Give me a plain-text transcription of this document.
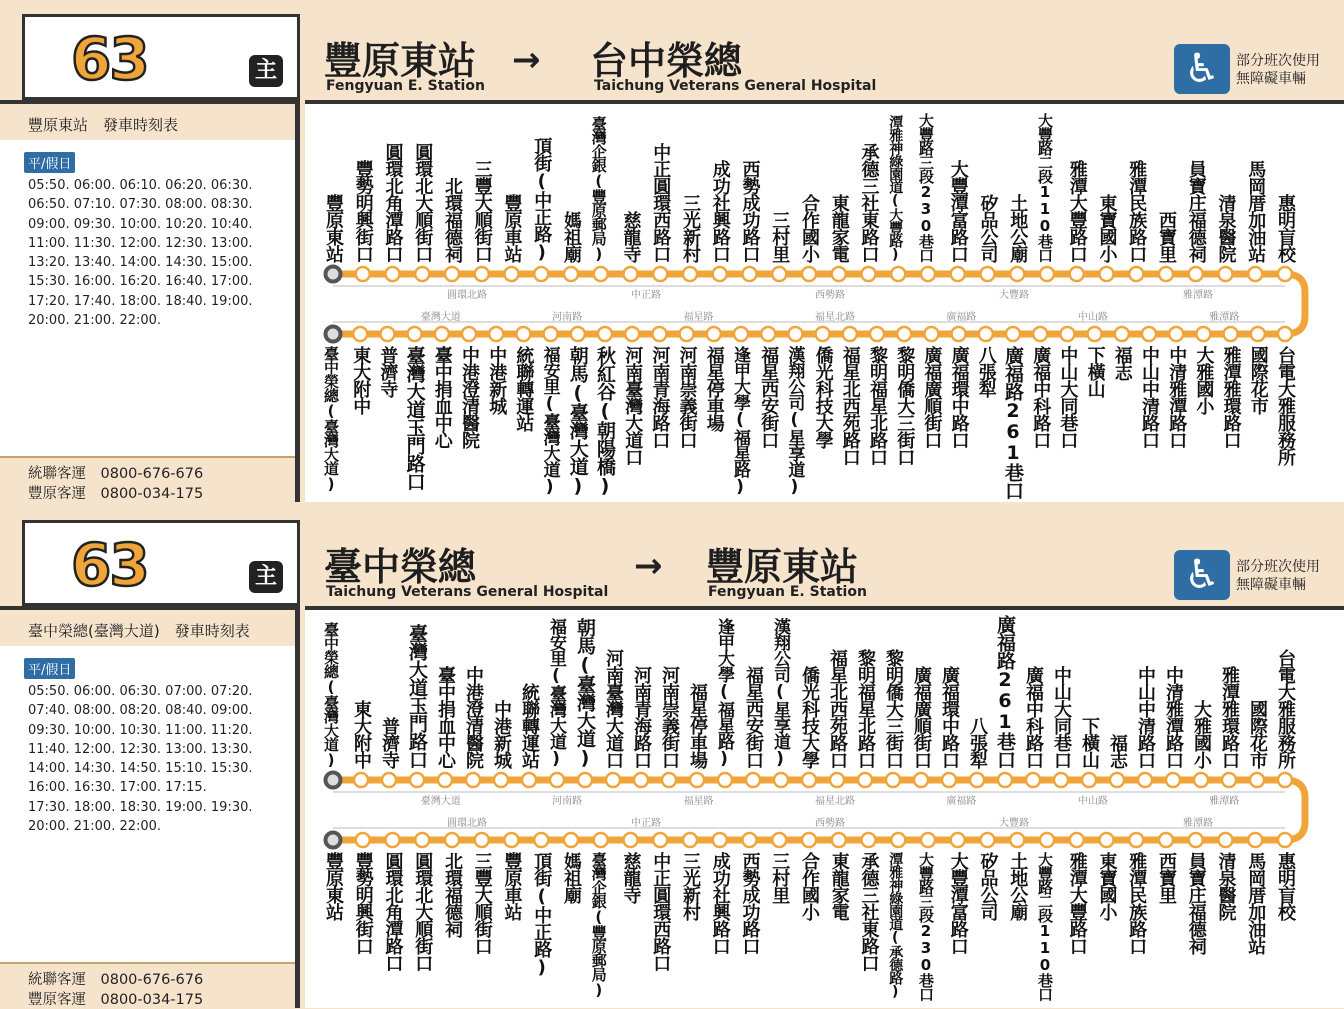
63	主 豐原東站
Fengyuan E. Station
→ 台中榮總
Taichung Veterans General Hospital	♿	部分班次使用
無障礙車輛
豐原東站　發車時刻表
平/假日
05:50. 06:00. 06:10. 06:20. 06:30.
06:50. 07:10. 07:30. 08:00. 08:30.
09:00. 09:30. 10:00. 10:20. 10:40.
11:00. 11:30. 12:00. 12:30. 13:00.
13:20. 13:40. 14:00. 14:30. 15:00.
15:30. 16:00. 16:20. 16:40. 17:00.
17:20. 17:40. 18:00. 18:40. 19:00.
20:00. 21:00. 22:00.
統聯客運　0800-676-676
豐原客運　0800-034-175
豐原東站 豐勢明興街口 圓環北角潭路口 圓環北大順街口 北環福德祠 三豐大順街口 豐原車站 頂街(中正路) 媽祖廟 臺灣企銀(豐原郵局) 慈龍寺 中正圓環西路口 三光新村 成功社興路口 西勢成功路口 三村里 合作國小 東龍家電 承德三社東路口 潭雅神綠園道(大豐路) 大豐路三段230巷口 大豐潭富路口 矽品公司 土地公廟 大豐路二段110巷口 雅潭大豐路口 東寶國小 雅潭民族路口 西寶里 員寶庄福德祠 清泉醫院 馬岡厝加油站 惠明盲校
臺中榮總(臺灣大道) 東大附中 普濟寺 臺灣大道玉門路口 臺中捐血中心 中港澄清醫院 中港新城 統聯轉運站 福安里(臺灣大道) 朝馬(臺灣大道) 秋紅谷(朝陽橋) 河南臺灣大道口 河南青海路口 河南崇義街口 福星停車場 逢甲大學(福星路) 福星西安街口 漢翔公司(星享道) 僑光科技大學 福星北西苑路口 黎明福星北路口 黎明僑大三街口 廣福廣順街口 廣福環中路口 八張犁 廣福路261巷口 廣福中科路口 中山大同巷口 下橫山 福志 中山中清路口 中清雅潭路口 大雅國小 雅潭雅環路口 國際花市 台電大雅服務所
圓環北路	中正路	西勢路	大豐路	雅潭路
臺灣大道	河南路	福星路	福星北路	廣福路	中山路	雅潭路
63	主 臺中榮總
Taichung Veterans General Hospital
→ 豐原東站
Fengyuan E. Station	♿	部分班次使用
無障礙車輛
臺中榮總(臺灣大道)　發車時刻表
平/假日
05:50. 06:00. 06:30. 07:00. 07:20.
07:40. 08:00. 08:20. 08:40. 09:00.
09:30. 10:00. 10:30. 11:00. 11:20.
11:40. 12:00. 12:30. 13:00. 13:30.
14:00. 14:30. 14:50. 15:10. 15:30.
16:00. 16:30. 17:00. 17:15.
17:30. 18:00. 18:30. 19:00. 19:30.
20:00. 21:00. 22:00.
統聯客運　0800-676-676
豐原客運　0800-034-175
臺中榮總(臺灣大道) 東大附中 普濟寺 臺灣大道玉門路口 臺中捐血中心 中港澄清醫院 中港新城 統聯轉運站 福安里(臺灣大道) 朝馬(臺灣大道) 河南臺灣大道口 河南青海路口 河南崇義街口 福星停車場 逢甲大學(福星路) 福星西安街口 漢翔公司(星享道) 僑光科技大學 福星北西苑路口 黎明福星北路口 黎明僑大三街口 廣福廣順街口 廣福環中路口 八張犁 廣福路261巷口 廣福中科路口 中山大同巷口 下橫山 福志 中山中清路口 中清雅潭路口 大雅國小 雅潭雅環路口 國際花市 台電大雅服務所
豐原東站 豐勢明興街口 圓環北角潭路口 圓環北大順街口 北環福德祠 三豐大順街口 豐原車站 頂街(中正路) 媽祖廟 臺灣企銀(豐原郵局) 慈龍寺 中正圓環西路口 三光新村 成功社興路口 西勢成功路口 三村里 合作國小 東龍家電 承德三社東路口 潭雅神綠園道(承德路) 大豐路三段230巷口 大豐潭富路口 矽品公司 土地公廟 大豐路二段110巷口 雅潭大豐路口 東寶國小 雅潭民族路口 西寶里 員寶庄福德祠 清泉醫院 馬岡厝加油站 惠明盲校
臺灣大道	河南路	福星路	福星北路	廣福路	中山路	雅潭路
圓環北路	中正路	西勢路	大豐路	雅潭路
